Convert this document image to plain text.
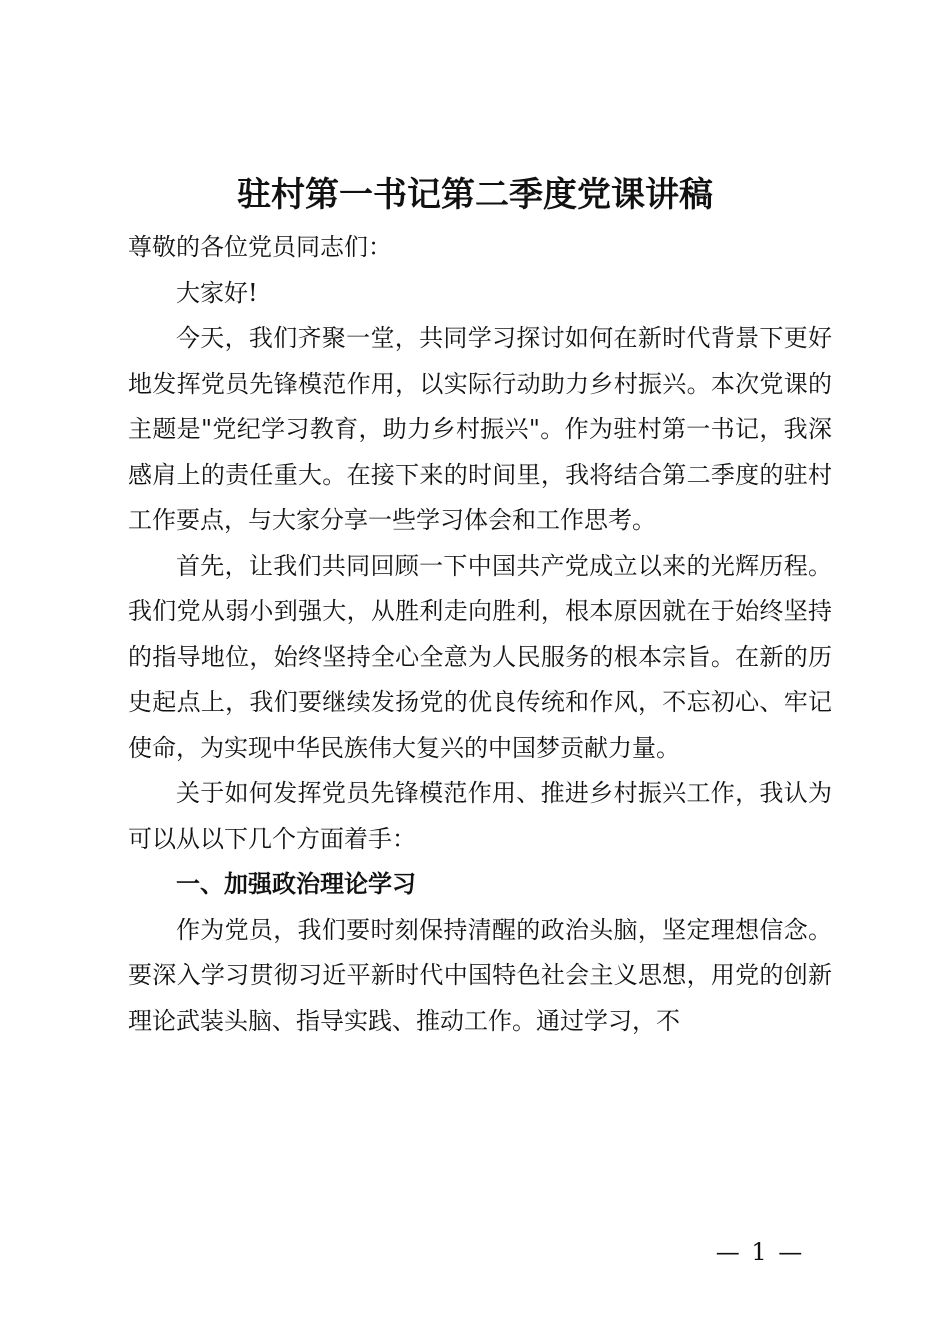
驻村第一书记第二季度党课讲稿

尊敬的各位党员同志们：

大家好!

今天，我们齐聚一堂，共同学习探讨如何在新时代背景下更好地发挥党员先锋模范作用，以实际行动助力乡村振兴。本次党课的主题是"党纪学习教育，助力乡村振兴"。作为驻村第一书记，我深感肩上的责任重大。在接下来的时间里，我将结合第二季度的驻村工作要点，与大家分享一些学习体会和工作思考。

首先，让我们共同回顾一下中国共产党成立以来的光辉历程。我们党从弱小到强大，从胜利走向胜利，根本原因就在于始终坚持的指导地位，始终坚持全心全意为人民服务的根本宗旨。在新的历史起点上，我们要继续发扬党的优良传统和作风，不忘初心、牢记使命，为实现中华民族伟大复兴的中国梦贡献力量。

关于如何发挥党员先锋模范作用、推进乡村振兴工作，我认为可以从以下几个方面着手：

一、加强政治理论学习

作为党员，我们要时刻保持清醒的政治头脑，坚定理想信念。要深入学习贯彻习近平新时代中国特色社会主义思想，用党的创新理论武装头脑、指导实践、推动工作。通过学习，不

— 1 —
